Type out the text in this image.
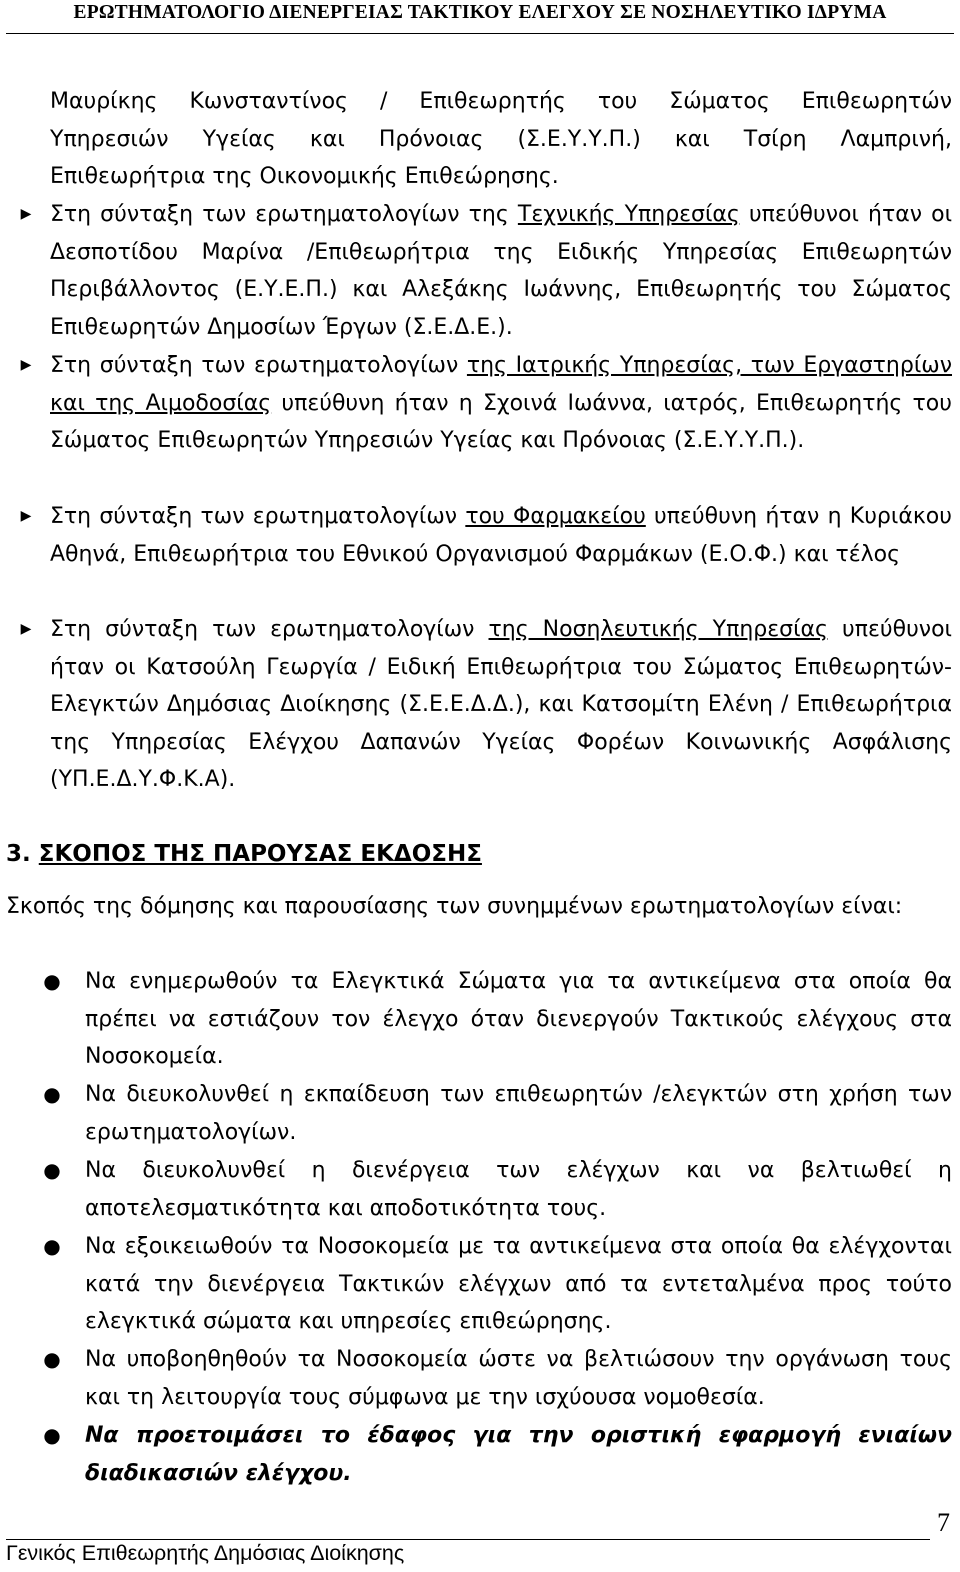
ΕΡΩΤΗΜΑΤΟΛΟΓΙΟ ΔΙΕΝΕΡΓΕΙΑΣ ΤΑΚΤΙΚΟΥ ΕΛΕΓΧΟΥ ΣΕ ΝΟΣΗΛΕΥΤΙΚΟ ΙΔΡΥΜΑ
Μαυρίκης Κωνσταντίνος / Επιθεωρητής του Σώματος Επιθεωρητών
Υπηρεσιών Υγείας και Πρόνοιας (Σ.Ε.Υ.Υ.Π.) και Τσίρη Λαμπρινή,
Επιθεωρήτρια της Οικονομικής Επιθεώρησης.
▶ Στη σύνταξη των ερωτηματολογίων της Τεχνικής Υπηρεσίας υπεύθυνοι ήταν οι Δεσποτίδου Μαρίνα /Επιθεωρήτρια της Ειδικής Υπηρεσίας Επιθεωρητών Περιβάλλοντος (Ε.Υ.Ε.Π.) και Αλεξάκης Ιωάννης, Επιθεωρητής του Σώματος Επιθεωρητών Δημοσίων Έργων (Σ.Ε.Δ.Ε.).
▶ Στη σύνταξη των ερωτηματολογίων της Ιατρικής Υπηρεσίας, των Εργαστηρίων και της Αιμοδοσίας υπεύθυνη ήταν η Σχοινά Ιωάννα, ιατρός, Επιθεωρητής του Σώματος Επιθεωρητών Υπηρεσιών Υγείας και Πρόνοιας (Σ.Ε.Υ.Υ.Π.).
▶ Στη σύνταξη των ερωτηματολογίων του Φαρμακείου υπεύθυνη ήταν η Κυριάκου Αθηνά, Επιθεωρήτρια του Εθνικού Οργανισμού Φαρμάκων (Ε.Ο.Φ.) και τέλος
▶ Στη σύνταξη των ερωτηματολογίων της Νοσηλευτικής Υπηρεσίας υπεύθυνοι ήταν οι Κατσούλη Γεωργία / Ειδική Επιθεωρήτρια του Σώματος Επιθεωρητών-Ελεγκτών Δημόσιας Διοίκησης (Σ.Ε.Ε.Δ.Δ.), και Κατσομίτη Ελένη / Επιθεωρήτρια της Υπηρεσίας Ελέγχου Δαπανών Υγείας Φορέων Κοινωνικής Ασφάλισης (ΥΠ.Ε.Δ.Υ.Φ.Κ.Α).
3. ΣΚΟΠΟΣ ΤΗΣ ΠΑΡΟΥΣΑΣ ΕΚΔΟΣΗΣ
Σκοπός της δόμησης και παρουσίασης των συνημμένων ερωτηματολογίων είναι:
● Να ενημερωθούν τα Ελεγκτικά Σώματα για τα αντικείμενα στα οποία θα πρέπει να εστιάζουν τον έλεγχο όταν διενεργούν Τακτικούς ελέγχους στα Νοσοκομεία.
● Να διευκολυνθεί η εκπαίδευση των επιθεωρητών /ελεγκτών στη χρήση των ερωτηματολογίων.
● Να διευκολυνθεί η διενέργεια των ελέγχων και να βελτιωθεί η αποτελεσματικότητα και αποδοτικότητα τους.
● Να εξοικειωθούν τα Νοσοκομεία με τα αντικείμενα στα οποία θα ελέγχονται κατά την διενέργεια Τακτικών ελέγχων από τα εντεταλμένα προς τούτο ελεγκτικά σώματα και υπηρεσίες επιθεώρησης.
● Να υποβοηθηθούν τα Νοσοκομεία ώστε να βελτιώσουν την οργάνωση τους και τη λειτουργία τους σύμφωνα με την ισχύουσα νομοθεσία.
● Να προετοιμάσει το έδαφος για την οριστική εφαρμογή ενιαίων διαδικασιών ελέγχου.
7
Γενικός Επιθεωρητής Δημόσιας Διοίκησης
